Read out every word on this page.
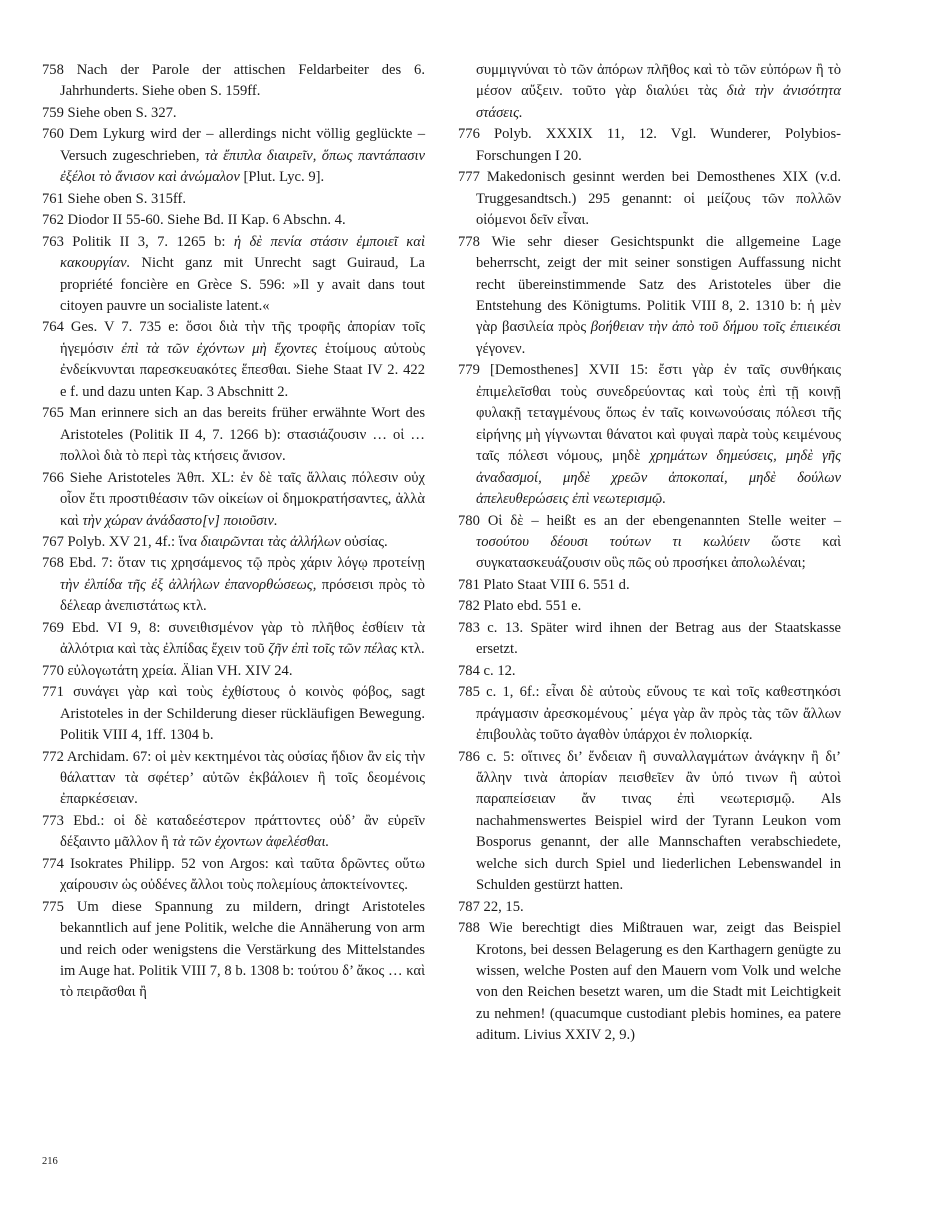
758 Nach der Parole der attischen Feldarbeiter des 6. Jahrhunderts. Siehe oben S. 159ff.
759 Siehe oben S. 327.
760 Dem Lykurg wird der – allerdings nicht völlig geglückte – Versuch zugeschrieben, τὰ ἔπιπλα διαιρεῖν, ὅπως παντάπασιν ἐξέλοι τὸ ἄνισον καὶ ἀνώμαλον [Plut. Lyc. 9].
761 Siehe oben S. 315ff.
762 Diodor II 55-60. Siehe Bd. II Kap. 6 Abschn. 4.
763 Politik II 3, 7. 1265 b: ἡ δὲ πενία στάσιν ἐμποιεῖ καὶ κακουργίαν. Nicht ganz mit Unrecht sagt Guiraud, La propriété foncière en Grèce S. 596: »Il y avait dans tout citoyen pauvre un socialiste latent.«
764 Ges. V 7. 735 e: ὅσοι διὰ τὴν τῆς τροφῆς ἀπορίαν τοῖς ἡγεμόσιν ἐπὶ τὰ τῶν ἐχόντων μὴ ἔχοντες ἑτοίμους αὑτοὺς ἐνδείκνυνται παρεσκευακότες ἕπεσθαι. Siehe Staat IV 2. 422 e f. und dazu unten Kap. 3 Abschnitt 2.
765 Man erinnere sich an das bereits früher erwähnte Wort des Aristoteles (Politik II 4, 7. 1266 b): στασιάζουσιν … οἱ … πολλοὶ διὰ τὸ περὶ τὰς κτήσεις ἄνισον.
766 Siehe Aristoteles Ἀθπ. XL: ἐν δὲ ταῖς ἄλλαις πόλεσιν οὐχ οἷον ἔτι προστιθέασιν τῶν οἰκείων οἱ δημοκρατήσαντες, ἀλλὰ καὶ τὴν χώραν ἀνάδαστο[ν] ποιοῦσιν.
767 Polyb. XV 21, 4f.: ἵνα διαιρῶνται τὰς ἀλλήλων οὐσίας.
768 Ebd. 7: ὅταν τις χρησάμενος τῷ πρὸς χάριν λόγῳ προτείνῃ τὴν ἐλπίδα τῆς ἐξ ἀλλήλων ἐπανορθώσεως, πρόσεισι πρὸς τὸ δέλεαρ ἀνεπιστάτως κτλ.
769 Ebd. VI 9, 8: συνειθισμένον γὰρ τὸ πλῆθος ἐσθίειν τὰ ἀλλότρια καὶ τὰς ἐλπίδας ἔχειν τοῦ ζῆν ἐπὶ τοῖς τῶν πέλας κτλ.
770 εὐλογωτάτη χρεία. Älian VH. XIV 24.
771 συνάγει γὰρ καὶ τοὺς ἐχθίστους ὁ κοινὸς φόβος, sagt Aristoteles in der Schilderung dieser rückläufigen Bewegung. Politik VIII 4, 1ff. 1304 b.
772 Archidam. 67: οἱ μὲν κεκτημένοι τὰς οὐσίας ἥδιον ἂν εἰς τὴν θάλατταν τὰ σφέτερ’ αὐτῶν ἐκβάλοιεν ἢ τοῖς δεομένοις ἐπαρκέσειαν.
773 Ebd.: οἱ δὲ καταδεέστερον πράττοντες οὐδ’ ἂν εὑρεῖν δέξαιντο μᾶλλον ἢ τὰ τῶν ἐχοντων ἀφελέσθαι.
774 Isokrates Philipp. 52 von Argos: καὶ ταῦτα δρῶντες οὕτω χαίρουσιν ὡς οὐδένες ἄλλοι τοὺς πολεμίους ἀποκτείνοντες.
775 Um diese Spannung zu mildern, dringt Aristoteles bekanntlich auf jene Politik, welche die Annäherung von arm und reich oder wenigstens die Verstärkung des Mittelstandes im Auge hat. Politik VIII 7, 8 b. 1308 b: τούτου δ’ ἄκος … καὶ τὸ πειρᾶσθαι ἢ
συμμιγνύναι τὸ τῶν ἀπόρων πλῆθος καὶ τὸ τῶν εὐπόρων ἢ τὸ μέσον αὔξειν. τοῦτο γὰρ διαλύει τὰς διὰ τὴν ἀνισότητα στάσεις.
776 Polyb. XXXIX 11, 12. Vgl. Wunderer, Polybios-Forschungen I 20.
777 Makedonisch gesinnt werden bei Demosthenes XIX (v.d. Truggesandtsch.) 295 genannt: οἱ μείζους τῶν πολλῶν οἰόμενοι δεῖν εἶναι.
778 Wie sehr dieser Gesichtspunkt die allgemeine Lage beherrscht, zeigt der mit seiner sonstigen Auffassung nicht recht übereinstimmende Satz des Aristoteles über die Entstehung des Königtums. Politik VIII 8, 2. 1310 b: ἡ μὲν γὰρ βασιλεία πρὸς βοήθειαν τὴν ἀπὸ τοῦ δήμου τοῖς ἐπιεικέσι γέγονεν.
779 [Demosthenes] XVII 15: ἔστι γὰρ ἐν ταῖς συνθήκαις ἐπιμελεῖσθαι τοὺς συνεδρεύοντας καὶ τοὺς ἐπὶ τῇ κοινῇ φυλακῇ τεταγμένους ὅπως ἐν ταῖς κοινωνούσαις πόλεσι τῆς εἰρήνης μὴ γίγνωνται θάνατοι καὶ φυγαὶ παρὰ τοὺς κειμένους ταῖς πόλεσι νόμους, μηδὲ χρημάτων δημεύσεις, μηδὲ γῆς ἀναδασμοί, μηδὲ χρεῶν ἀποκοπαί, μηδὲ δούλων ἀπελευθερώσεις ἐπὶ νεωτερισμῷ.
780 Οἱ δὲ – heißt es an der ebengenannten Stelle weiter – τοσούτου δέουσι τούτων τι κωλύειν ὥστε καὶ συγκατασκευάζουσιν οὓς πῶς οὐ προσήκει ἀπολωλέναι;
781 Plato Staat VIII 6. 551 d.
782 Plato ebd. 551 e.
783 c. 13. Später wird ihnen der Betrag aus der Staatskasse ersetzt.
784 c. 12.
785 c. 1, 6f.: εἶναι δὲ αὐτοὺς εὔνους τε καὶ τοῖς καθεστηκόσι πράγμασιν ἀρεσκομένους˙ μέγα γὰρ ἂν πρὸς τὰς τῶν ἄλλων ἐπιβουλὰς τοῦτο ἀγαθὸν ὑπάρχοι ἐν πολιορκίᾳ.
786 c. 5: οἵτινες δι’ ἔνδειαν ἢ συναλλαγμάτων ἀνάγκην ἢ δι’ ἄλλην τινὰ ἀπορίαν πεισθεῖεν ἂν ὑπό τινων ἢ αὐτοὶ παραπείσειαν ἄν τινας ἐπὶ νεωτερισμῷ. Als nachahmenswertes Beispiel wird der Tyrann Leukon vom Bosporus genannt, der alle Mannschaften verabschiedete, welche sich durch Spiel und liederlichen Lebenswandel in Schulden gestürzt hatten.
787 22, 15.
788 Wie berechtigt dies Mißtrauen war, zeigt das Beispiel Krotons, bei dessen Belagerung es den Karthagern genügte zu wissen, welche Posten auf den Mauern vom Volk und welche von den Reichen besetzt waren, um die Stadt mit Leichtigkeit zu nehmen! (quacumque custodiant plebis homines, ea patere aditum. Livius XXIV 2, 9.)
216
